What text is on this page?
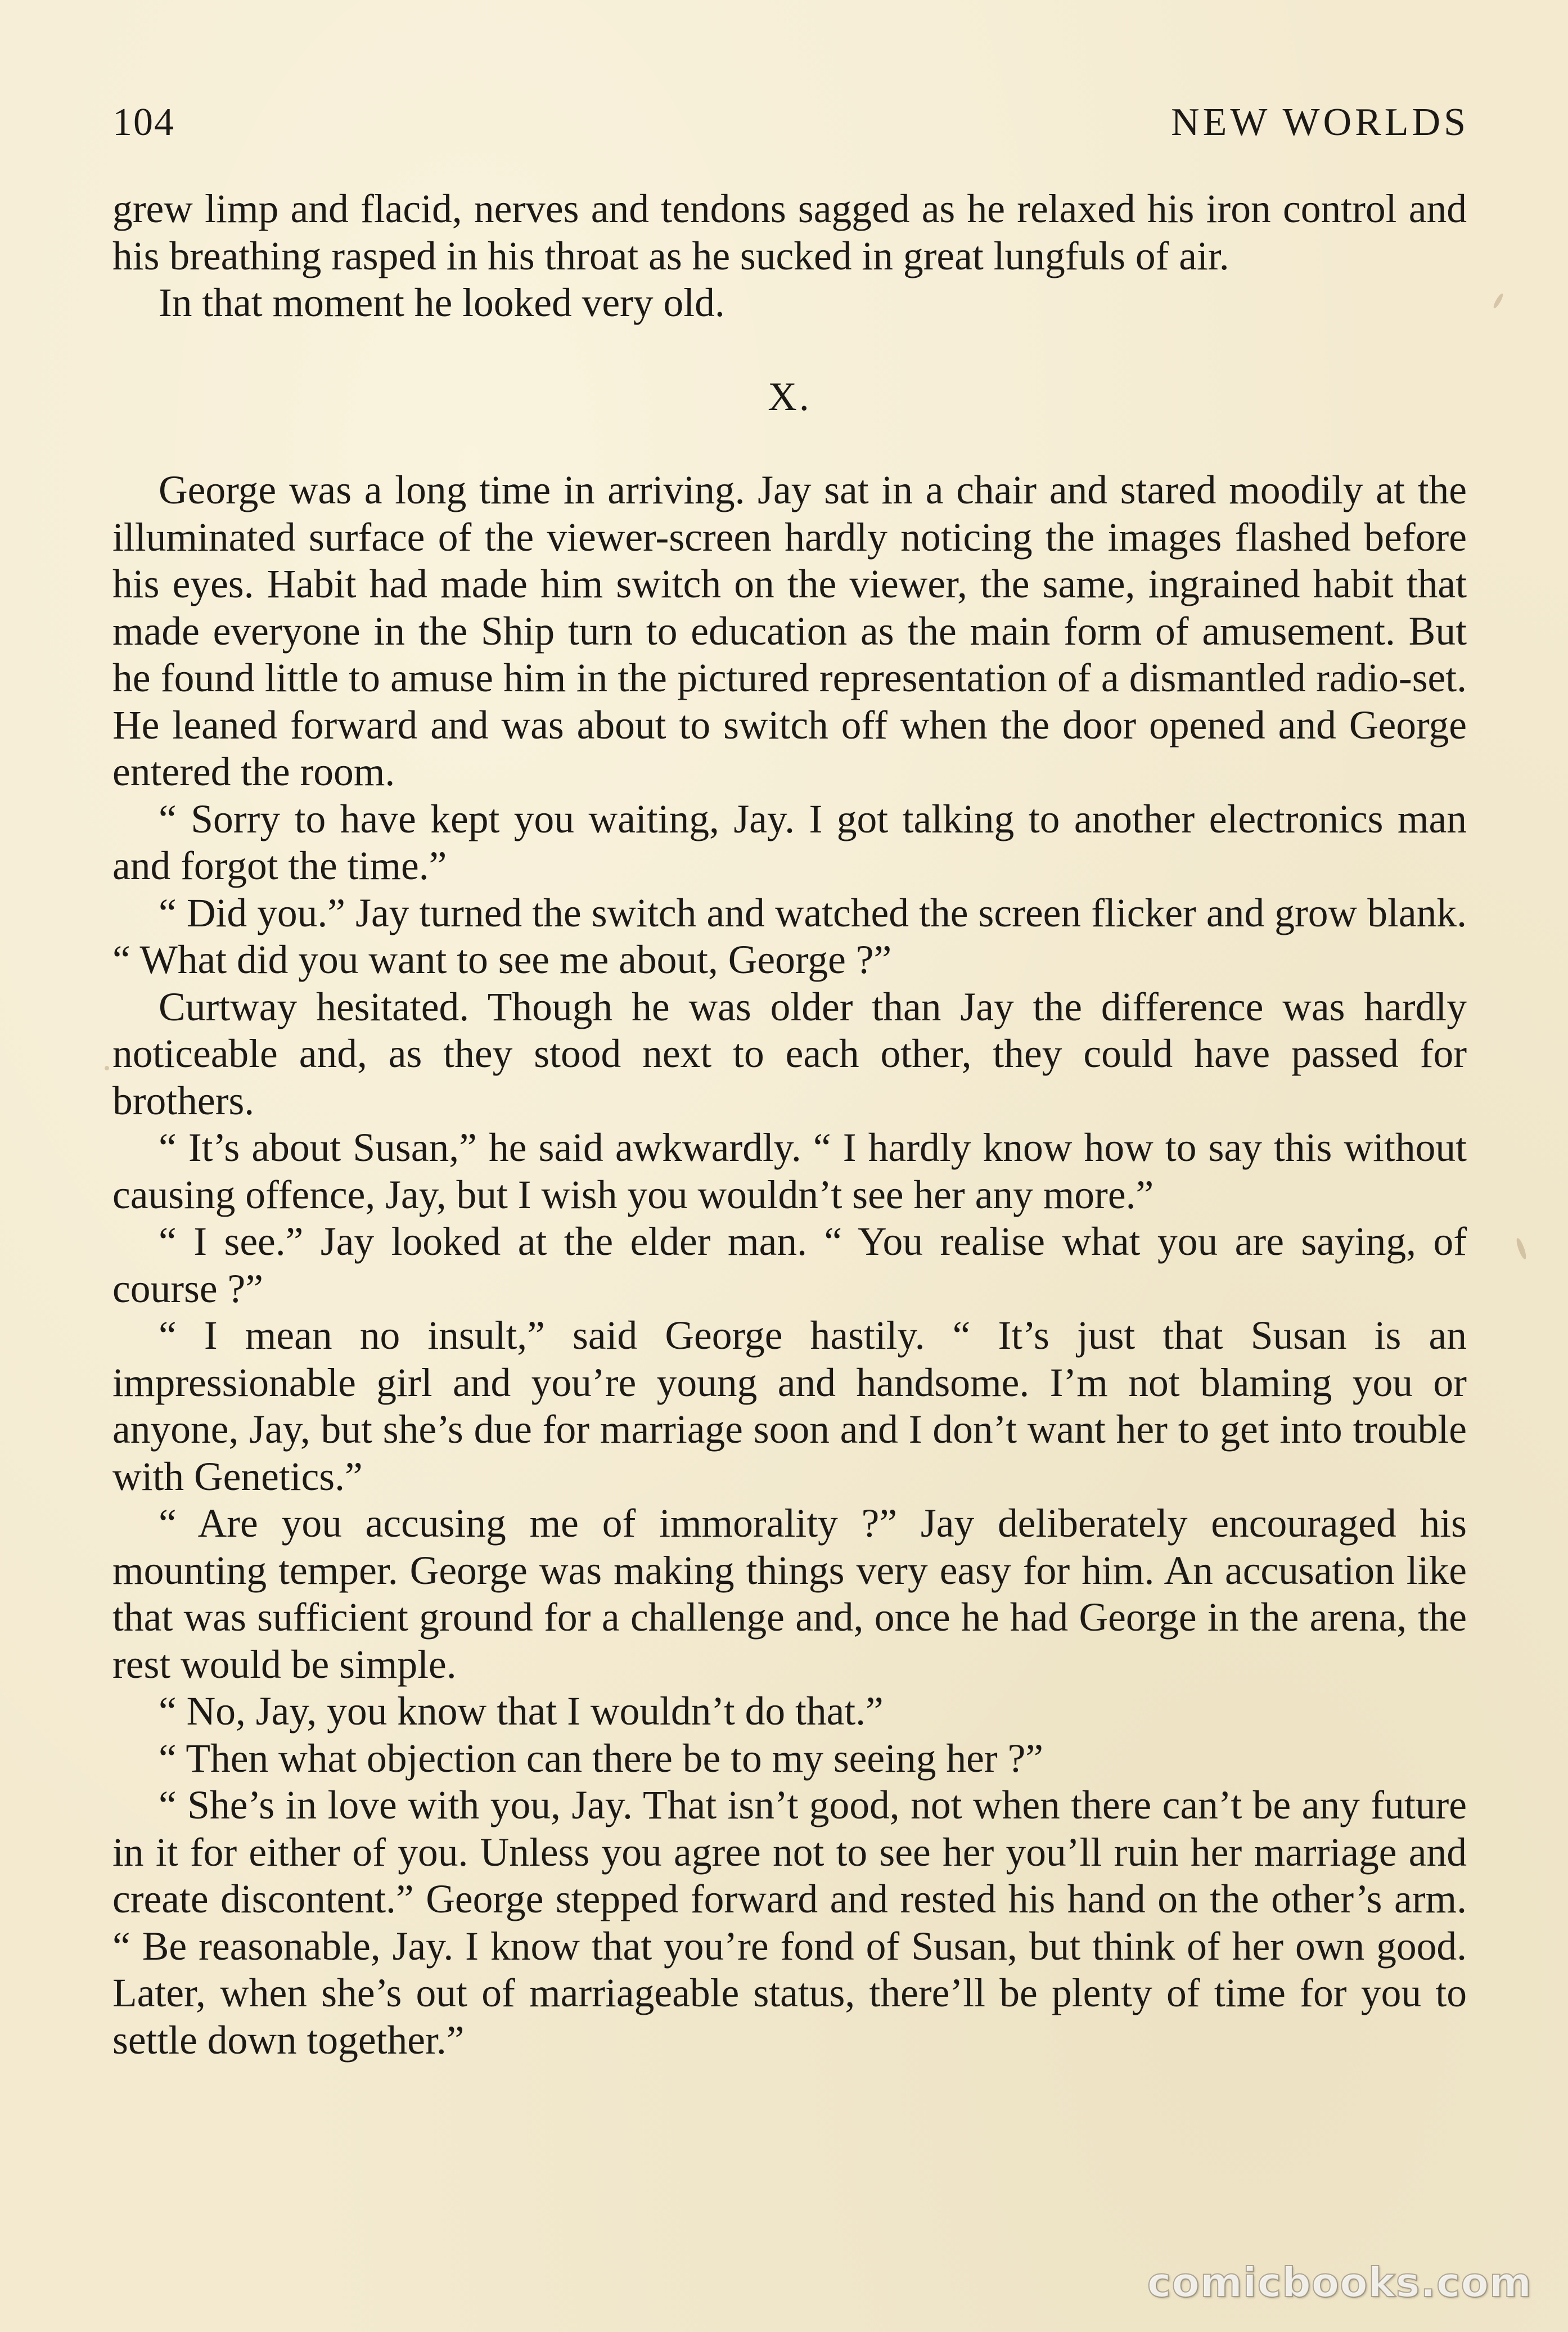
104	NEW WORLDS

grew limp and flacid, nerves and tendons sagged as he relaxed his iron control and his breathing rasped in his throat as he sucked in great lungfuls of air.

In that moment he looked very old.

X.

George was a long time in arriving. Jay sat in a chair and stared moodily at the illuminated surface of the viewer-screen hardly noticing the images flashed before his eyes. Habit had made him switch on the viewer, the same, ingrained habit that made everyone in the Ship turn to education as the main form of amusement. But he found little to amuse him in the pictured representation of a dismantled radio-set. He leaned forward and was about to switch off when the door opened and George entered the room.

“ Sorry to have kept you waiting, Jay. I got talking to another electronics man and forgot the time.”

“ Did you.” Jay turned the switch and watched the screen flicker and grow blank. “ What did you want to see me about, George ?”

Curtway hesitated. Though he was older than Jay the difference was hardly noticeable and, as they stood next to each other, they could have passed for brothers.

“ It’s about Susan,” he said awkwardly. “ I hardly know how to say this without causing offence, Jay, but I wish you wouldn’t see her any more.”

“ I see.” Jay looked at the elder man. “ You realise what you are saying, of course ?”

“ I mean no insult,” said George hastily. “ It’s just that Susan is an impressionable girl and you’re young and handsome. I’m not blaming you or anyone, Jay, but she’s due for marriage soon and I don’t want her to get into trouble with Genetics.”

“ Are you accusing me of immorality ?” Jay deliberately encouraged his mounting temper. George was making things very easy for him. An accusation like that was sufficient ground for a challenge and, once he had George in the arena, the rest would be simple.

“ No, Jay, you know that I wouldn’t do that.”

“ Then what objection can there be to my seeing her ?”

“ She’s in love with you, Jay. That isn’t good, not when there can’t be any future in it for either of you. Unless you agree not to see her you’ll ruin her marriage and create discontent.” George stepped forward and rested his hand on the other’s arm. “ Be reasonable, Jay. I know that you’re fond of Susan, but think of her own good. Later, when she’s out of marriageable status, there’ll be plenty of time for you to settle down together.”

comicbooks.com
